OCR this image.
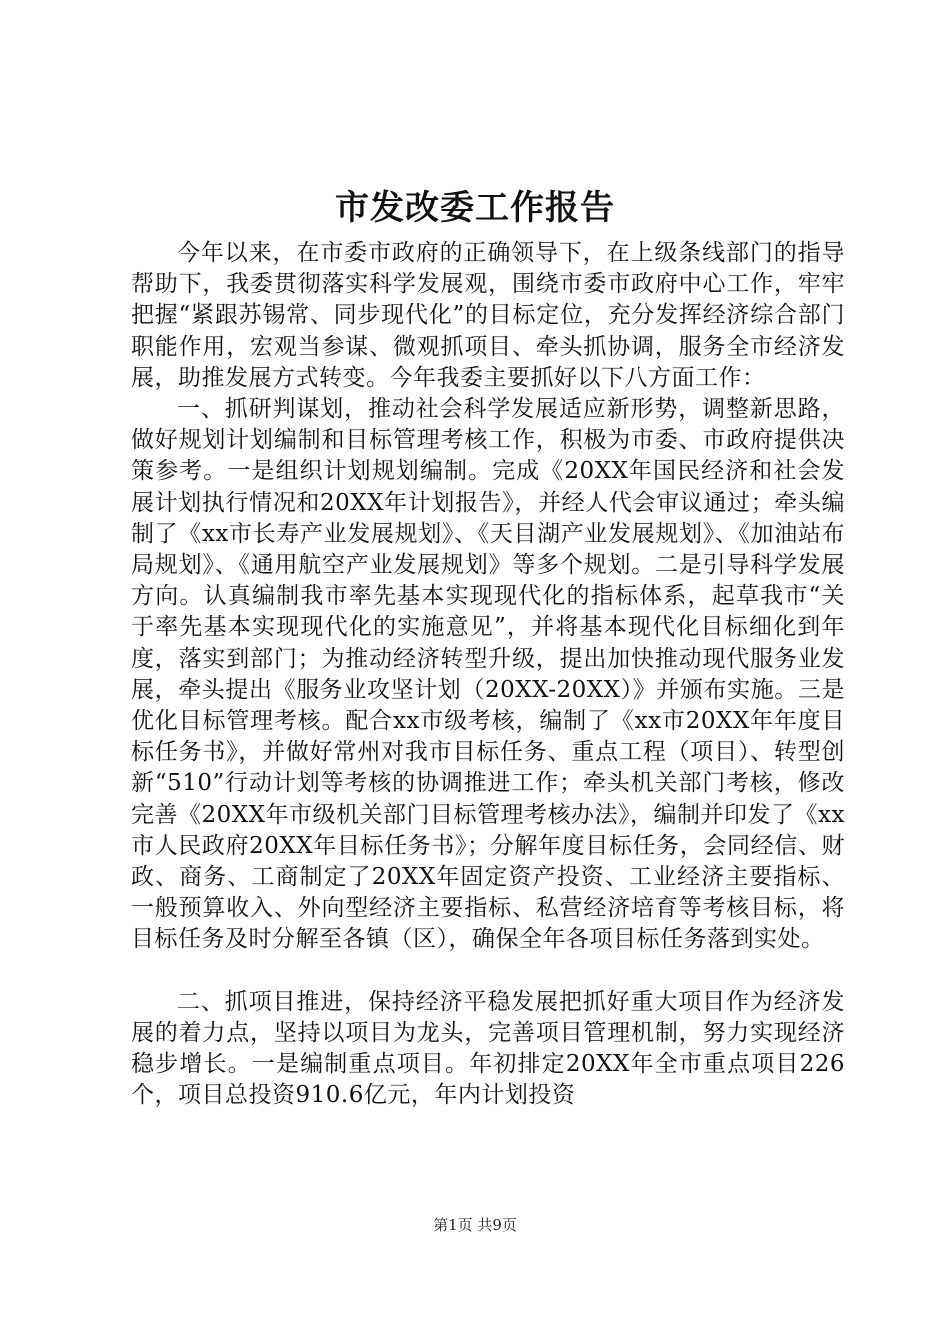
市发改委工作报告

今年以来，在市委市政府的正确领导下，在上级条线部门的指导帮助下，我委贯彻落实科学发展观，围绕市委市政府中心工作，牢牢把握“紧跟苏锡常、同步现代化”的目标定位，充分发挥经济综合部门职能作用，宏观当参谋、微观抓项目、牵头抓协调，服务全市经济发展，助推发展方式转变。今年我委主要抓好以下八方面工作：

一、抓研判谋划，推动社会科学发展适应新形势，调整新思路，做好规划计划编制和目标管理考核工作，积极为市委、市政府提供决策参考。一是组织计划规划编制。完成《20XX年国民经济和社会发展计划执行情况和20XX年计划报告》，并经人代会审议通过；牵头编制了《xx市长寿产业发展规划》、《天目湖产业发展规划》、《加油站布局规划》、《通用航空产业发展规划》等多个规划。二是引导科学发展方向。认真编制我市率先基本实现现代化的指标体系，起草我市“关于率先基本实现现代化的实施意见”，并将基本现代化目标细化到年度，落实到部门；为推动经济转型升级，提出加快推动现代服务业发展，牵头提出《服务业攻坚计划（20XX-20XX）》并颁布实施。三是优化目标管理考核。配合xx市级考核，编制了《xx市20XX年年度目标任务书》，并做好常州对我市目标任务、重点工程（项目）、转型创新“510”行动计划等考核的协调推进工作；牵头机关部门考核，修改完善《20XX年市级机关部门目标管理考核办法》，编制并印发了《xx市人民政府20XX年目标任务书》；分解年度目标任务，会同经信、财政、商务、工商制定了20XX年固定资产投资、工业经济主要指标、一般预算收入、外向型经济主要指标、私营经济培育等考核目标，将目标任务及时分解至各镇（区），确保全年各项目标任务落到实处。

二、抓项目推进，保持经济平稳发展把抓好重大项目作为经济发展的着力点，坚持以项目为龙头，完善项目管理机制，努力实现经济稳步增长。一是编制重点项目。年初排定20XX年全市重点项目226个，项目总投资910.6亿元，年内计划投资

第1页 共9页
